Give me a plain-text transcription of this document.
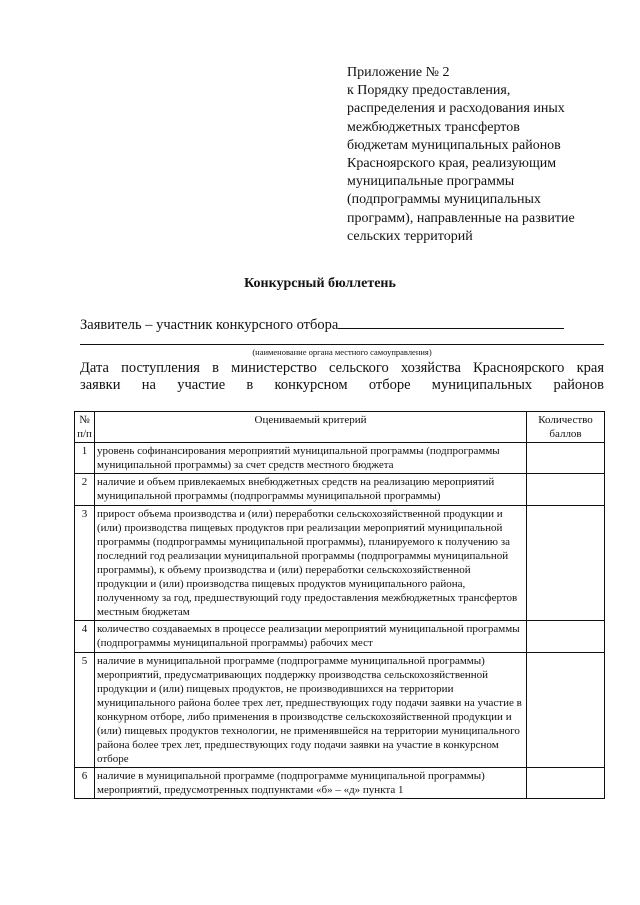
Приложение № 2
к Порядку предоставления,
распределения и расходования иных
межбюджетных трансфертов
бюджетам муниципальных районов
Красноярского края, реализующим
муниципальные программы
(подпрограммы муниципальных
программ), направленные на развитие
сельских территорий
Конкурсный бюллетень
Заявитель – участник конкурсного отбора
(наименование органа местного самоуправления)
Дата поступления в министерство сельского хозяйства Красноярского края
заявки на участие в конкурсном отборе муниципальных районов
№ п/п	Оцениваемый критерий	Количество баллов
1	уровень софинансирования мероприятий муниципальной программы (подпрограммы муниципальной программы) за счет средств местного бюджета	
2	наличие и объем привлекаемых внебюджетных средств на реализацию мероприятий муниципальной программы (подпрограммы муниципальной программы)	
3	прирост объема производства и (или) переработки сельскохозяйственной продукции и (или) производства пищевых продуктов при реализации мероприятий муниципальной программы (подпрограммы муниципальной программы), планируемого к получению за последний год реализации муниципальной программы (подпрограммы муниципальной программы), к объему производства и (или) переработки сельскохозяйственной продукции и (или) производства пищевых продуктов муниципального района, полученному за год, предшествующий году предоставления межбюджетных трансфертов местным бюджетам	
4	количество создаваемых в процессе реализации мероприятий муниципальной программы (подпрограммы муниципальной программы) рабочих мест	
5	наличие в муниципальной программе (подпрограмме муниципальной программы) мероприятий, предусматривающих поддержку производства сельскохозяйственной продукции и (или) пищевых продуктов, не производившихся на территории муниципального района более трех лет, предшествующих году подачи заявки на участие в конкурном отборе, либо применения в производстве сельскохозяйственной продукции и (или) пищевых продуктов технологии, не применявшейся на территории муниципального района более трех лет, предшествующих году подачи заявки на участие в конкурсном отборе	
6	наличие в муниципальной программе (подпрограмме муниципальной программы) мероприятий, предусмотренных подпунктами «б» – «д» пункта 1	
